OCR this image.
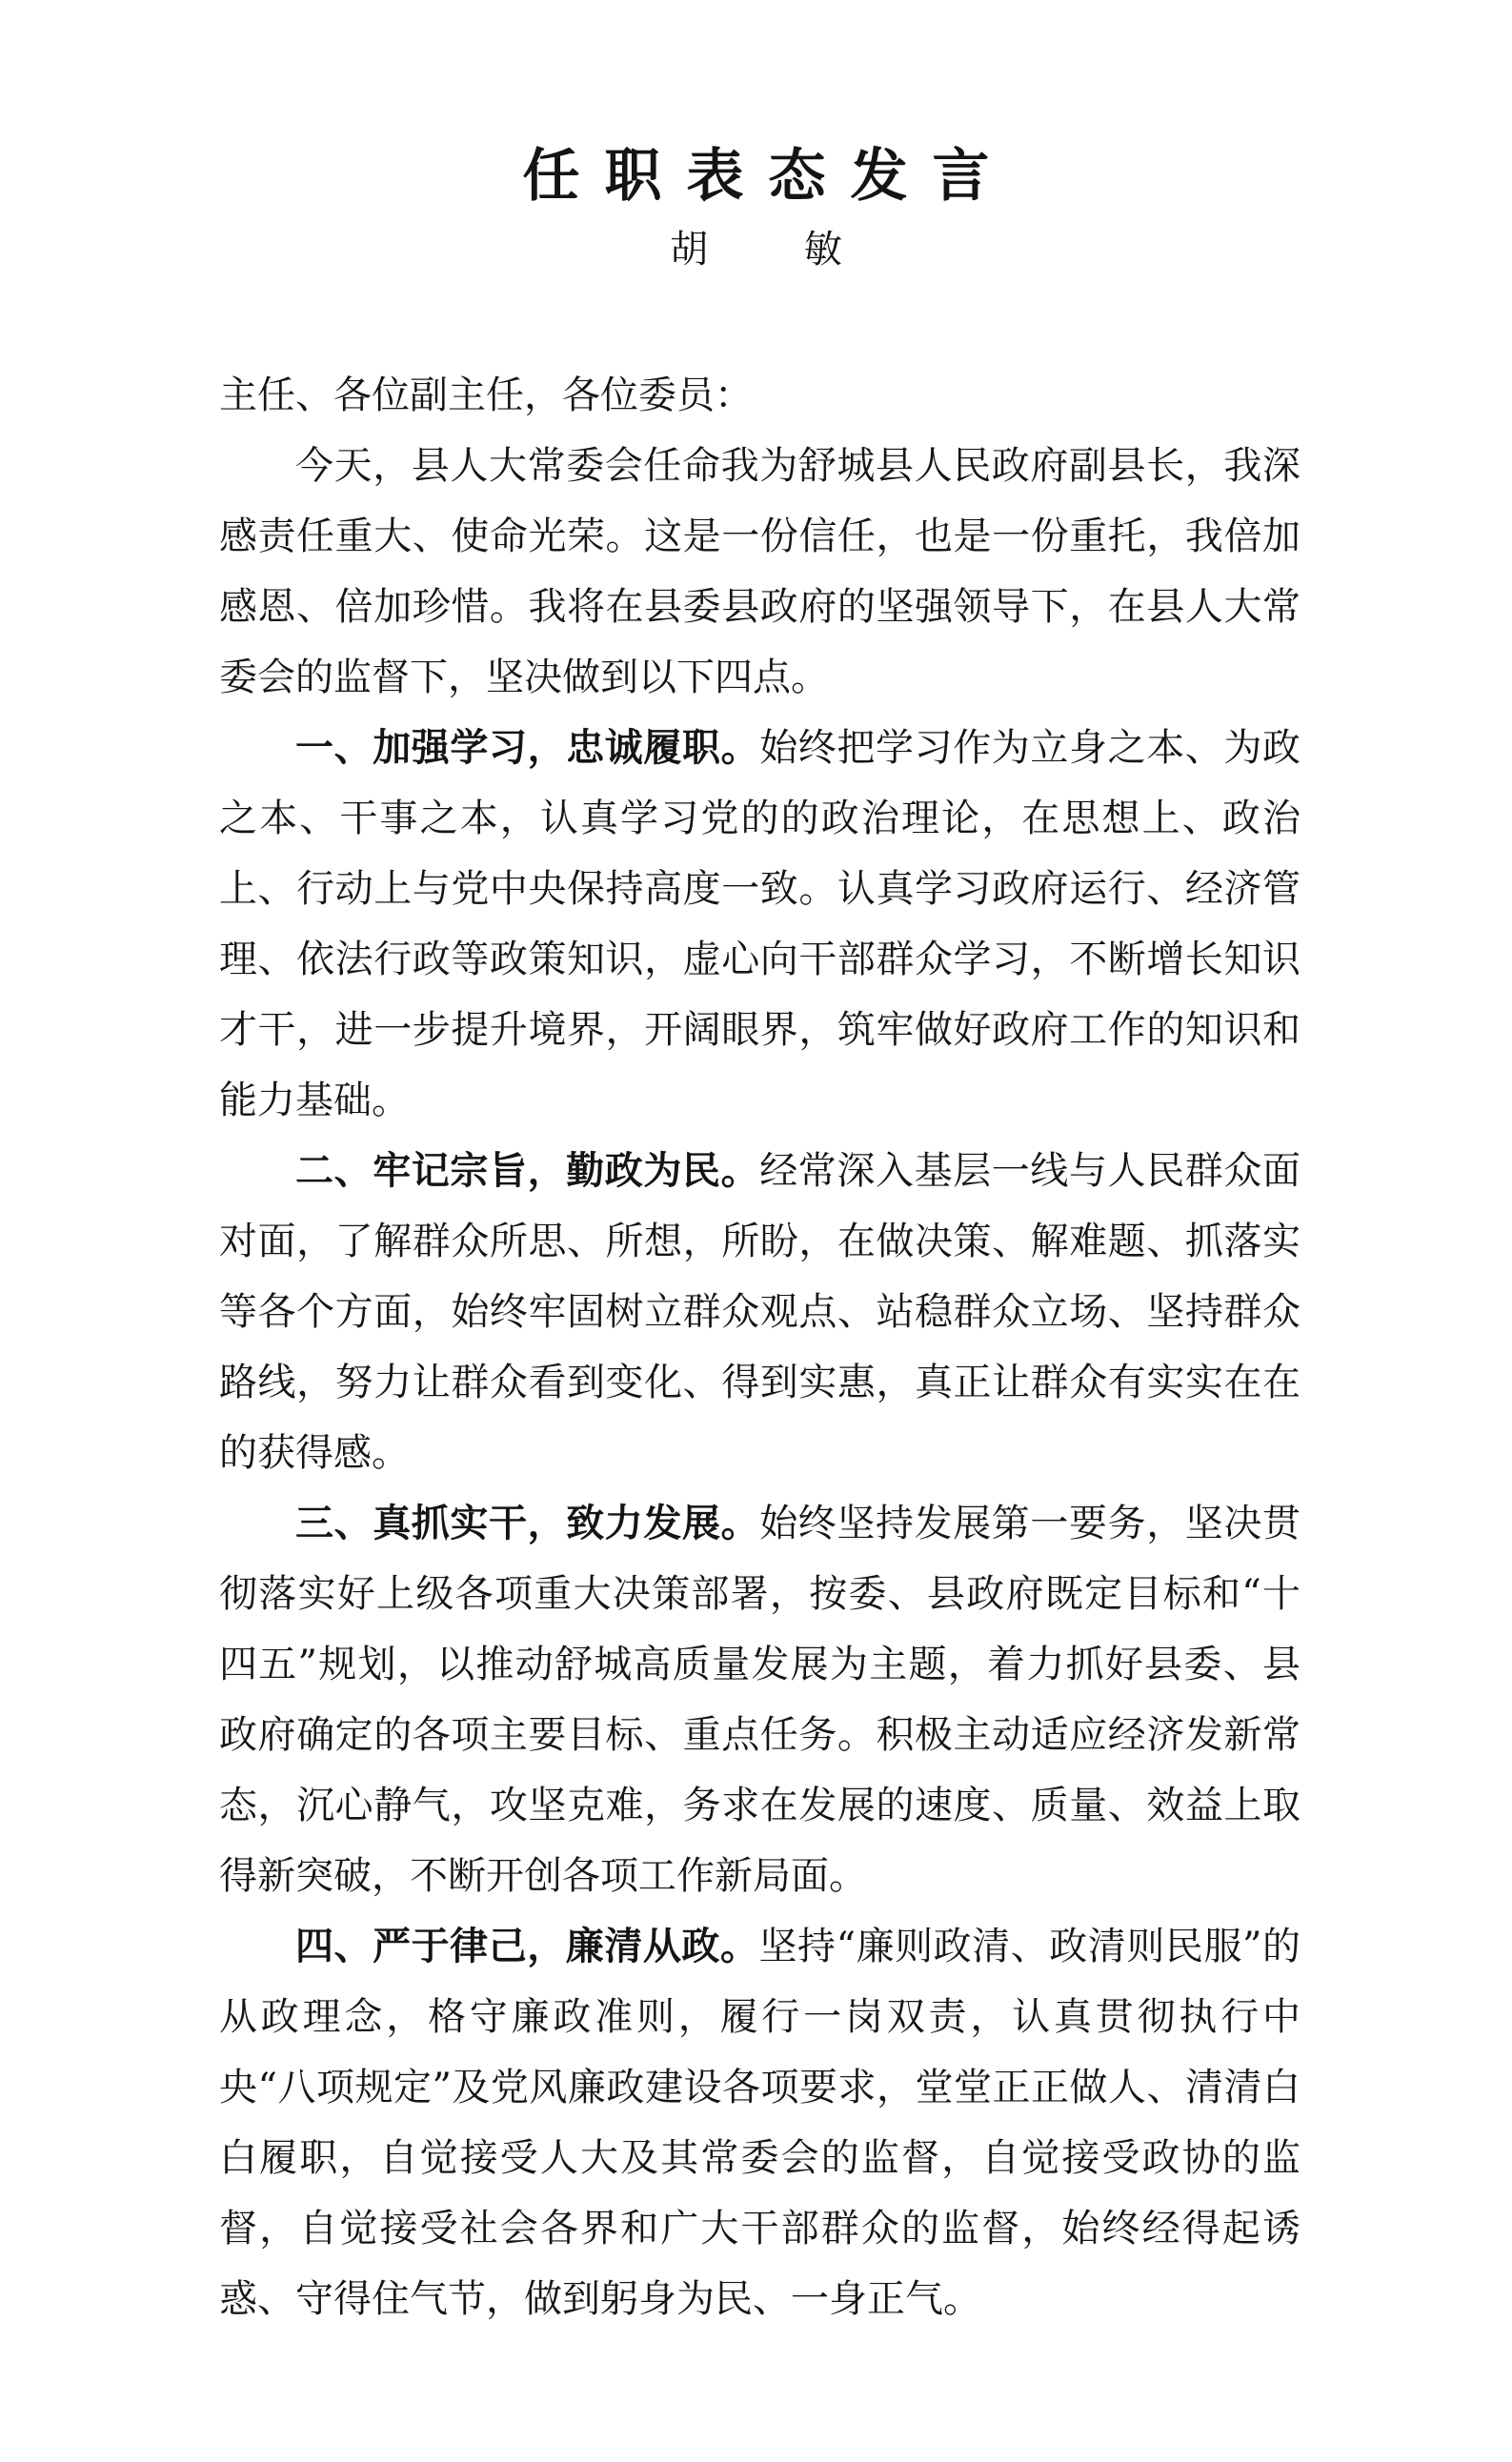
任职表态发言
胡 敏

主任、各位副主任，各位委员：

今天，县人大常委会任命我为舒城县人民政府副县长，我深感责任重大、使命光荣。这是一份信任，也是一份重托，我倍加感恩、倍加珍惜。我将在县委县政府的坚强领导下，在县人大常委会的监督下，坚决做到以下四点。

一、加强学习，忠诚履职。始终把学习作为立身之本、为政之本、干事之本，认真学习党的的政治理论，在思想上、政治上、行动上与党中央保持高度一致。认真学习政府运行、经济管理、依法行政等政策知识，虚心向干部群众学习，不断增长知识才干，进一步提升境界，开阔眼界，筑牢做好政府工作的知识和能力基础。

二、牢记宗旨，勤政为民。经常深入基层一线与人民群众面对面，了解群众所思、所想，所盼，在做决策、解难题、抓落实等各个方面，始终牢固树立群众观点、站稳群众立场、坚持群众路线，努力让群众看到变化、得到实惠，真正让群众有实实在在的获得感。

三、真抓实干，致力发展。始终坚持发展第一要务，坚决贯彻落实好上级各项重大决策部署，按委、县政府既定目标和“十四五”规划，以推动舒城高质量发展为主题，着力抓好县委、县政府确定的各项主要目标、重点任务。积极主动适应经济发新常态，沉心静气，攻坚克难，务求在发展的速度、质量、效益上取得新突破，不断开创各项工作新局面。

四、严于律己，廉清从政。坚持“廉则政清、政清则民服”的从政理念，格守廉政准则，履行一岗双责，认真贯彻执行中央“八项规定”及党风廉政建设各项要求，堂堂正正做人、清清白白履职，自觉接受人大及其常委会的监督，自觉接受政协的监督，自觉接受社会各界和广大干部群众的监督，始终经得起诱惑、守得住气节，做到躬身为民、一身正气。
